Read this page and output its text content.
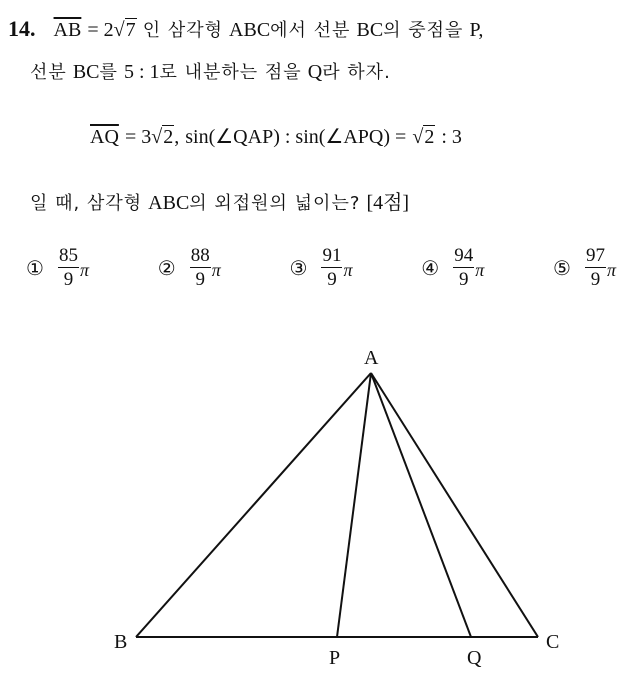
14. $\overline{AB} = 2√7$ 인 삼각형 ABC에서 선분 BC의 중점을 P,
선분 BC를 5 : 1로 내분하는 점을 Q라 하자.
$\overline{AQ} = 3√2$, sin(∠QAP) : sin(∠APQ) = √2 : 3
일 때, 삼각형 ABC의 외접원의 넓이는? [4점]
① $\frac{85}{9}$ π	② $\frac{88}{9}$ π	③ $\frac{91}{9}$ π	④ $\frac{94}{9}$ π	⑤ $\frac{97}{9}$ π
A
B	C
P	Q
